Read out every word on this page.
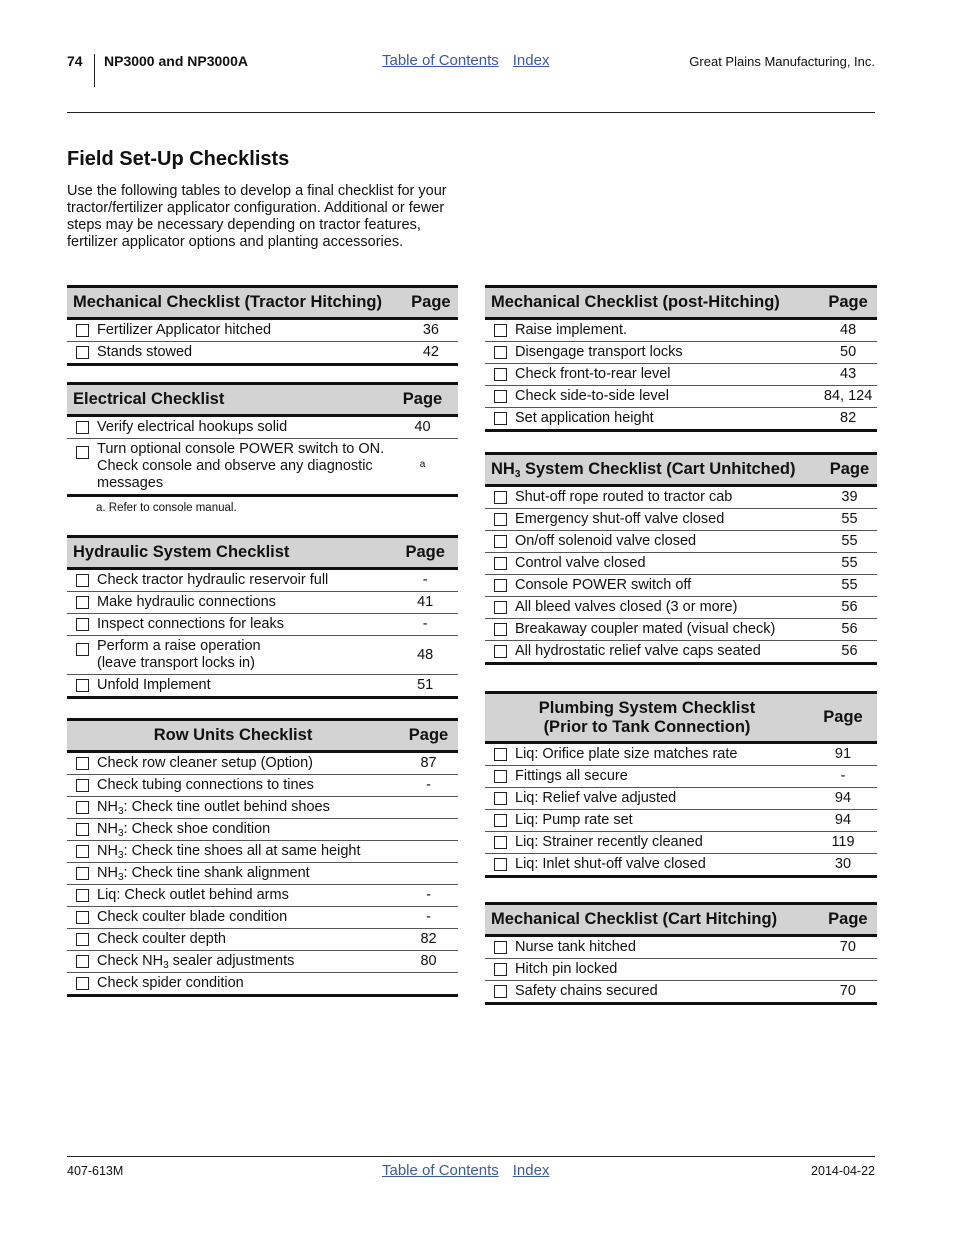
74 NP3000 and NP3000A	Table of Contents Index	Great Plains Manufacturing, Inc.
Field Set-Up Checklists

Use the following tables to develop a final checklist for your tractor/fertilizer applicator configuration. Additional or fewer steps may be necessary depending on tractor features, fertilizer applicator options and planting accessories.

Mechanical Checklist (Tractor Hitching)		Page
	Fertilizer Applicator hitched	36
	Stands stowed	42
Electrical Checklist		Page
	Verify electrical hookups solid	40
	Turn optional console POWER switch to ON. Check console and observe any diagnostic messages	$^a$
a. Refer to console manual.
Hydraulic System Checklist		Page
	Check tractor hydraulic reservoir full	-
	Make hydraulic connections	41
	Inspect connections for leaks	-
	Perform a raise operation
(leave transport locks in)	48
	Unfold Implement	51
Row Units Checklist		Page
	Check row cleaner setup (Option)	87
	Check tubing connections to tines	-
	$NH_3$: Check tine outlet behind shoes	
	$NH_3$: Check shoe condition	
	$NH_3$: Check tine shoes all at same height	
	$NH_3$: Check tine shank alignment	
	Liq: Check outlet behind arms	-
	Check coulter blade condition	-
	Check coulter depth	82
	Check $NH_3$ sealer adjustments	80
	Check spider condition	
Mechanical Checklist (post-Hitching)		Page
	Raise implement.	48
	Disengage transport locks	50
	Check front-to-rear level	43
	Check side-to-side level	84, 124
	Set application height	82
$NH_3$ System Checklist (Cart Unhitched)		Page
	Shut-off rope routed to tractor cab	39
	Emergency shut-off valve closed	55
	On/off solenoid valve closed	55
	Control valve closed	55
	Console POWER switch off	55
	All bleed valves closed (3 or more)	56
	Breakaway coupler mated (visual check)	56
	All hydrostatic relief valve caps seated	56
Plumbing System Checklist
(Prior to Tank Connection)		Page
	Liq: Orifice plate size matches rate	91
	Fittings all secure	-
	Liq: Relief valve adjusted	94
	Liq: Pump rate set	94
	Liq: Strainer recently cleaned	119
	Liq: Inlet shut-off valve closed	30
Mechanical Checklist (Cart Hitching)		Page
	Nurse tank hitched	70
	Hitch pin locked	
	Safety chains secured	70
407-613M	Table of Contents Index	2014-04-22
